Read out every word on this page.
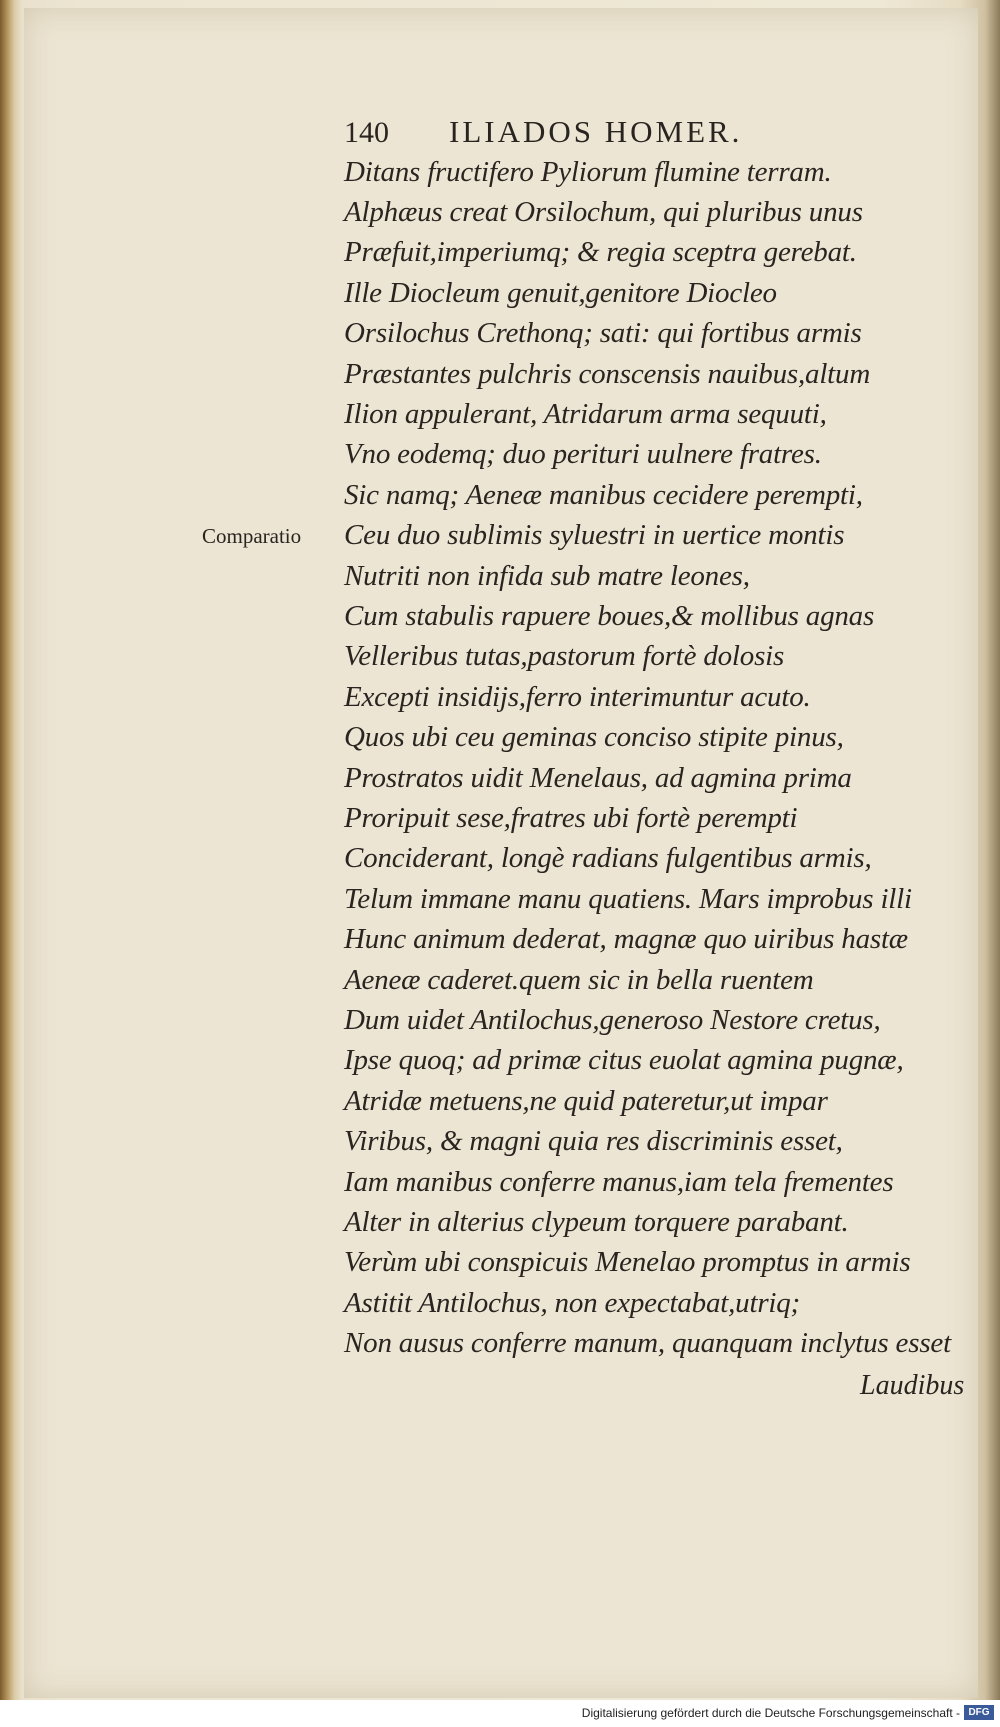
140 ILIADOS HOMER.
Comparatio
Ditans fructifero Pyliorum flumine terram.
Alphæus creat Orsilochum, qui pluribus unus
Præfuit,imperiumq; & regia sceptra gerebat.
Ille Diocleum genuit,genitore Diocleo
Orsilochus Crethonq; sati: qui fortibus armis
Præstantes pulchris conscensis nauibus,altum
Ilion appulerant, Atridarum arma sequuti,
Vno eodemq; duo perituri uulnere fratres.
Sic namq; Aeneæ manibus cecidere perempti,
Ceu duo sublimis syluestri in uertice montis
Nutriti non infida sub matre leones,
Cum stabulis rapuere boues,& mollibus agnas
Velleribus tutas,pastorum fortè dolosis
Excepti insidijs,ferro interimuntur acuto.
Quos ubi ceu geminas conciso stipite pinus,
Prostratos uidit Menelaus, ad agmina prima
Proripuit sese,fratres ubi fortè perempti
Conciderant, longè radians fulgentibus armis,
Telum immane manu quatiens. Mars improbus illi
Hunc animum dederat, magnæ quo uiribus hastæ
Aeneæ caderet.quem sic in bella ruentem
Dum uidet Antilochus,generoso Nestore cretus,
Ipse quoq; ad primæ citus euolat agmina pugnæ,
Atridæ metuens,ne quid pateretur,ut impar
Viribus, & magni quia res discriminis esset,
Iam manibus conferre manus,iam tela frementes
Alter in alterius clypeum torquere parabant.
Verùm ubi conspicuis Menelao promptus in armis
Astitit Antilochus, non expectabat,utriq;
Non ausus conferre manum, quanquam inclytus esset
Laudibus
Digitalisierung gefördert durch die Deutsche Forschungsgemeinschaft - DFG
